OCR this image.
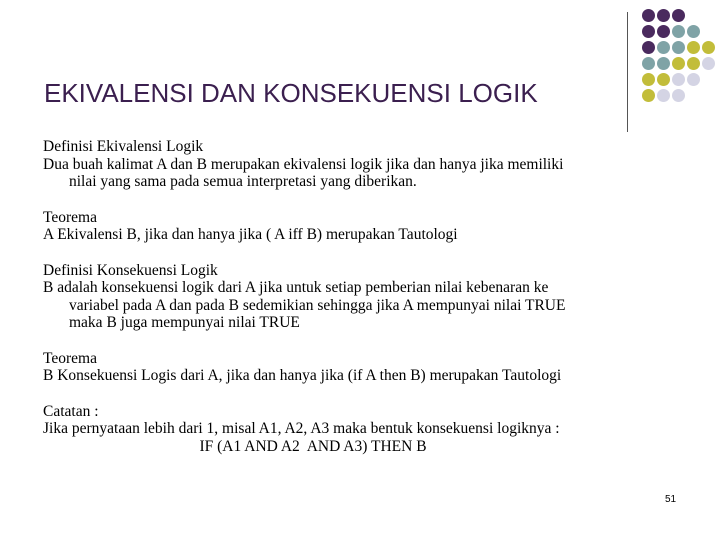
EKIVALENSI DAN KONSEKUENSI LOGIK

Definisi Ekivalensi Logik

Dua buah kalimat A dan B merupakan ekivalensi logik jika dan hanya jika memiliki

nilai yang sama pada semua interpretasi yang diberikan.

Teorema

A Ekivalensi B, jika dan hanya jika ( A iff B) merupakan Tautologi

Definisi Konsekuensi Logik

B adalah konsekuensi logik dari A jika untuk setiap pemberian nilai kebenaran ke

variabel pada A dan pada B sedemikian sehingga jika A mempunyai nilai TRUE

maka B juga mempunyai nilai TRUE

Teorema

B Konsekuensi Logis dari A, jika dan hanya jika (if A then B) merupakan Tautologi

Catatan :

Jika pernyataan lebih dari 1, misal A1, A2, A3 maka bentuk konsekuensi logiknya :

IF (A1 AND A2  AND A3) THEN B

51
